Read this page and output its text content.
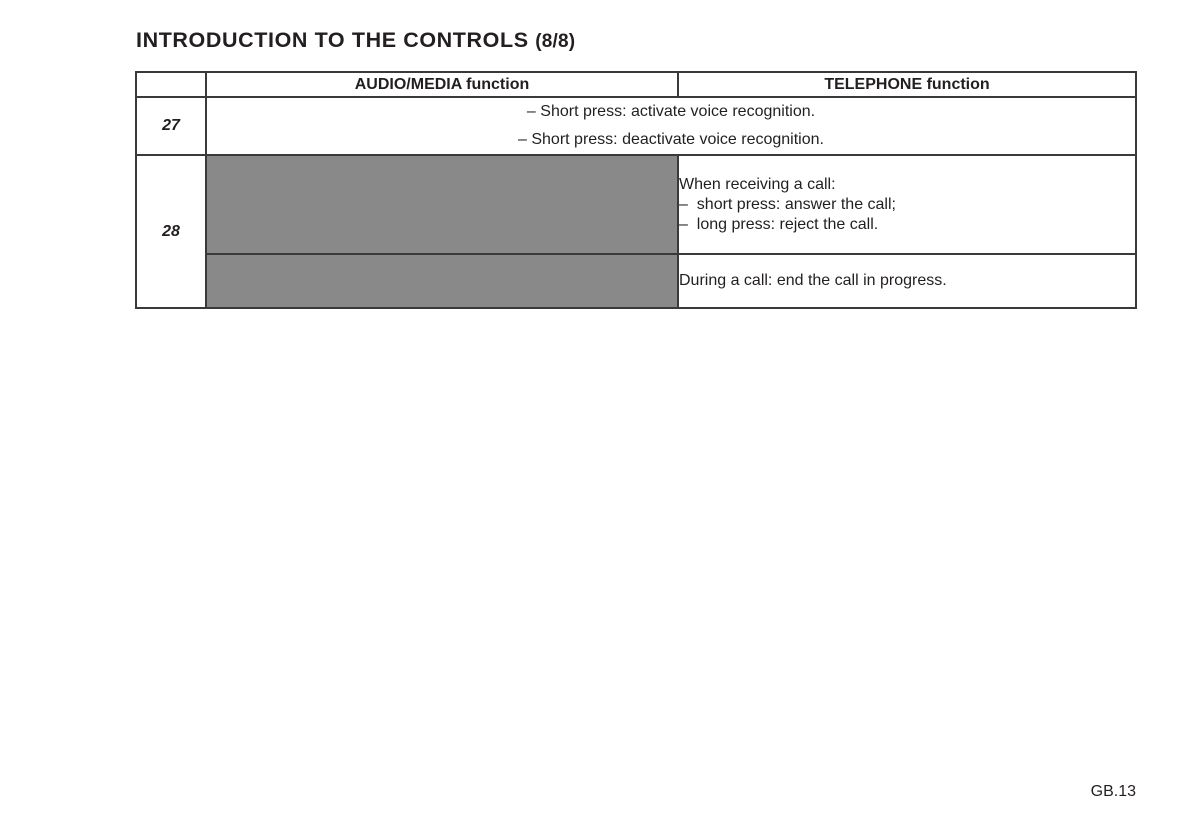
INTRODUCTION TO THE CONTROLS (8/8)
	AUDIO/MEDIA function	TELEPHONE function
27	– Short press: activate voice recognition.
– Short press: deactivate voice recognition.	

28		When receiving a call:
–  short press: answer the call;
–  long press: reject the call.

		During a call: end the call in progress.
GB.13
